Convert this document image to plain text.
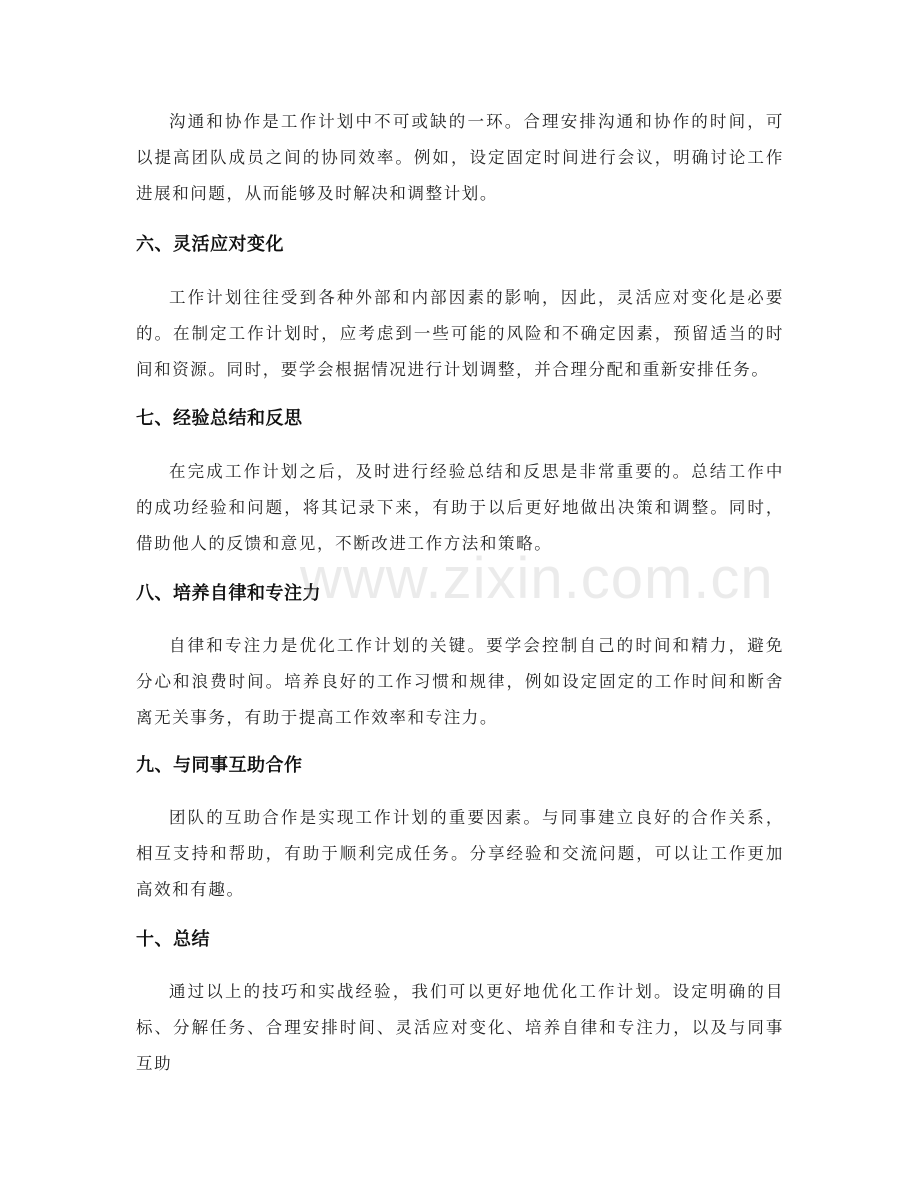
沟通和协作是工作计划中不可或缺的一环。合理安排沟通和协作的时间，可以提高团队成员之间的协同效率。例如，设定固定时间进行会议，明确讨论工作进展和问题，从而能够及时解决和调整计划。

六、灵活应对变化

工作计划往往受到各种外部和内部因素的影响，因此，灵活应对变化是必要的。在制定工作计划时，应考虑到一些可能的风险和不确定因素，预留适当的时间和资源。同时，要学会根据情况进行计划调整，并合理分配和重新安排任务。

七、经验总结和反思

在完成工作计划之后，及时进行经验总结和反思是非常重要的。总结工作中的成功经验和问题，将其记录下来，有助于以后更好地做出决策和调整。同时，借助他人的反馈和意见，不断改进工作方法和策略。

八、培养自律和专注力

自律和专注力是优化工作计划的关键。要学会控制自己的时间和精力，避免分心和浪费时间。培养良好的工作习惯和规律，例如设定固定的工作时间和断舍离无关事务，有助于提高工作效率和专注力。

九、与同事互助合作

团队的互助合作是实现工作计划的重要因素。与同事建立良好的合作关系，相互支持和帮助，有助于顺利完成任务。分享经验和交流问题，可以让工作更加高效和有趣。

十、总结

通过以上的技巧和实战经验，我们可以更好地优化工作计划。设定明确的目标、分解任务、合理安排时间、灵活应对变化、培养自律和专注力，以及与同事互助

www.zixin.com.cn
